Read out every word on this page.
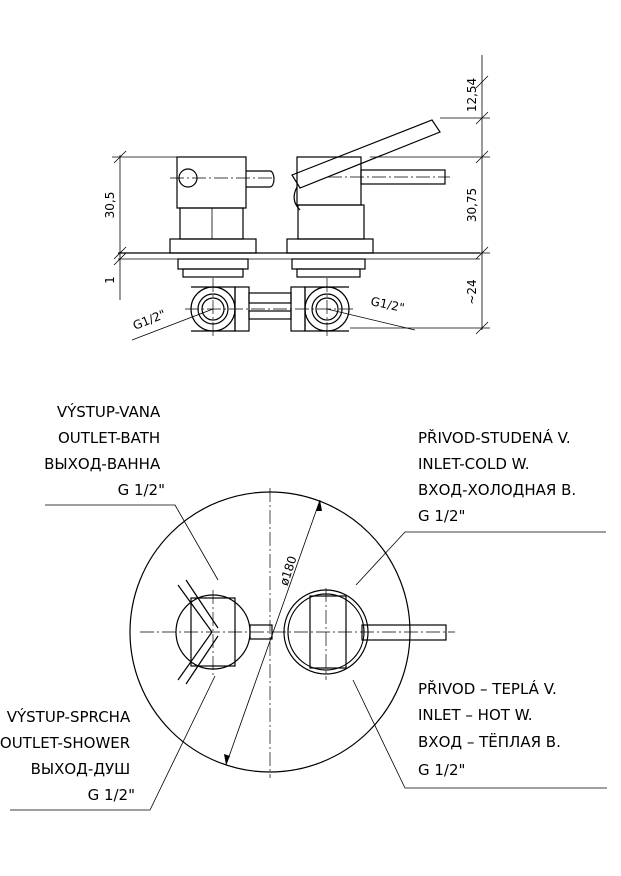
12,54
30,75
~24
30,5
1
G1/2"
G1/2"
ø180
VÝSTUP-VANA OUTLET-BATH ВЫХОД-ВАННА G 1/2"
PŘIVOD-STUDENÁ V. INLET-COLD W. ВХОД-ХОЛОДНАЯ В. G 1/2"
PŘIVOD – TEPLÁ V. INLET – HOT W. ВХОД – ТЁПЛАЯ В. G 1/2"
VÝSTUP-SPRCHA OUTLET-SHOWER ВЫХОД-ДУШ G 1/2"
